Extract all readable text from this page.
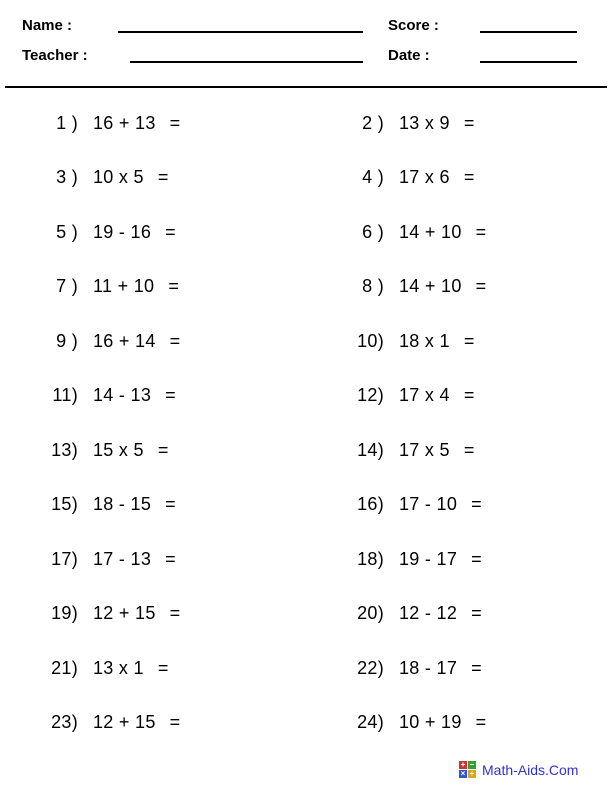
Name :	Score :
Teacher :	Date :
1 ) 16 + 13 =	2 ) 13 x 9 =
3 ) 10 x 5 =	4 ) 17 x 6 =
5 ) 19 - 16 =	6 ) 14 + 10 =
7 ) 11 + 10 =	8 ) 14 + 10 =
9 ) 16 + 14 =	10) 18 x 1 =
11) 14 - 13 =	12) 17 x 4 =
13) 15 x 5 =	14) 17 x 5 =
15) 18 - 15 =	16) 17 - 10 =
17) 17 - 13 =	18) 19 - 17 =
19) 12 + 15 =	20) 12 - 12 =
21) 13 x 1 =	22) 18 - 17 =
23) 12 + 15 =	24) 10 + 19 =
+ −
× ÷ Math-Aids.Com
